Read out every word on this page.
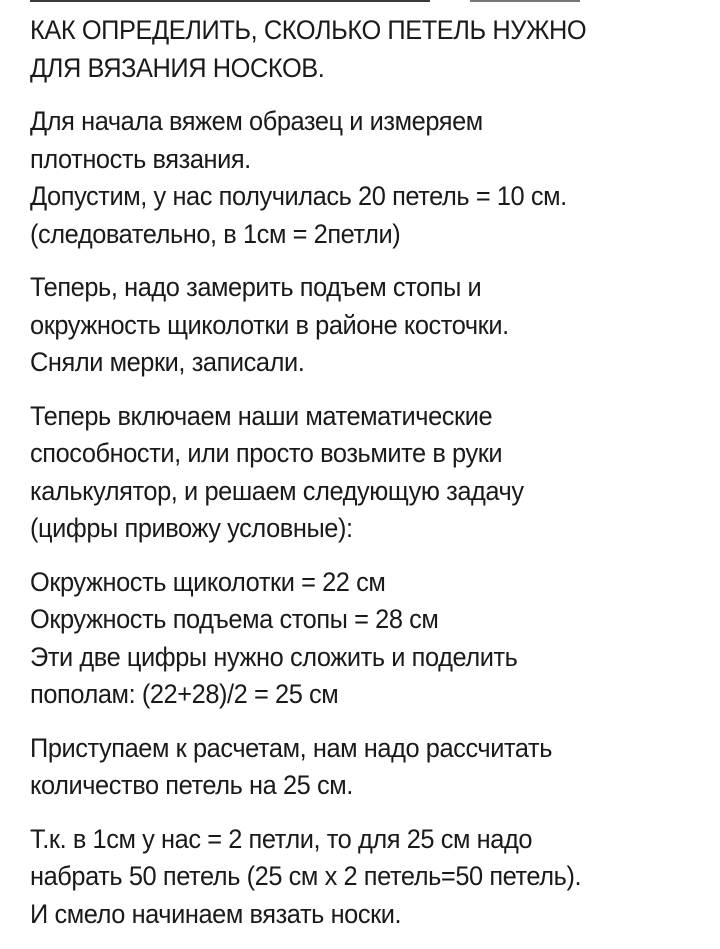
КАК ОПРЕДЕЛИТЬ, СКОЛЬКО ПЕТЕЛЬ НУЖНО
ДЛЯ ВЯЗАНИЯ НОСКОВ.
Для начала вяжем образец и измеряем
плотность вязания.
Допустим, у нас получилась 20 петель = 10 см.
(следовательно, в 1см = 2петли)
Теперь, надо замерить подъем стопы и
окружность щиколотки в районе косточки.
Сняли мерки, записали.
Теперь включаем наши математические
способности, или просто возьмите в руки
калькулятор, и решаем следующую задачу
(цифры привожу условные):
Окружность щиколотки = 22 см
Окружность подъема стопы = 28 см
Эти две цифры нужно сложить и поделить
пополам: (22+28)/2 = 25 см
Приступаем к расчетам, нам надо рассчитать
количество петель на 25 см.
Т.к. в 1см у нас = 2 петли, то для 25 см надо
набрать 50 петель (25 см х 2 петель=50 петель).
И смело начинаем вязать носки.
